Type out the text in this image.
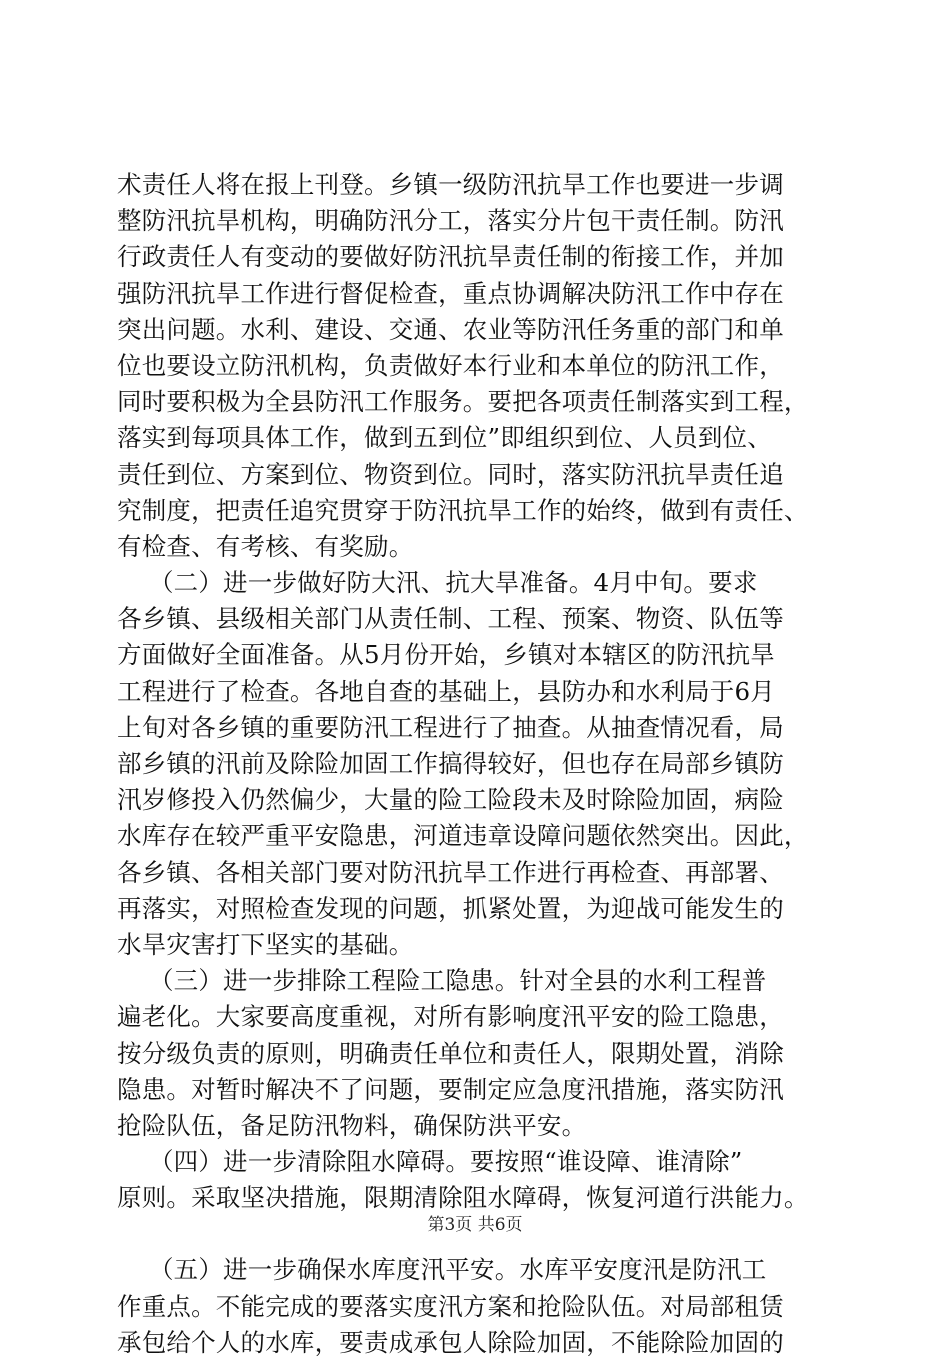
术责任人将在报上刊登。乡镇一级防汛抗旱工作也要进一步调
整防汛抗旱机构，明确防汛分工，落实分片包干责任制。防汛
行政责任人有变动的要做好防汛抗旱责任制的衔接工作，并加
强防汛抗旱工作进行督促检查，重点协调解决防汛工作中存在
突出问题。水利、建设、交通、农业等防汛任务重的部门和单
位也要设立防汛机构，负责做好本行业和本单位的防汛工作，
同时要积极为全县防汛工作服务。要把各项责任制落实到工程，
落实到每项具体工作，做到五到位”即组织到位、人员到位、
责任到位、方案到位、物资到位。同时，落实防汛抗旱责任追
究制度，把责任追究贯穿于防汛抗旱工作的始终，做到有责任、
有检查、有考核、有奖励。
（二）进一步做好防大汛、抗大旱准备。4月中旬。要求
各乡镇、县级相关部门从责任制、工程、预案、物资、队伍等
方面做好全面准备。从5月份开始，乡镇对本辖区的防汛抗旱
工程进行了检查。各地自查的基础上，县防办和水利局于6月
上旬对各乡镇的重要防汛工程进行了抽查。从抽查情况看，局
部乡镇的汛前及除险加固工作搞得较好，但也存在局部乡镇防
汛岁修投入仍然偏少，大量的险工险段未及时除险加固，病险
水库存在较严重平安隐患，河道违章设障问题依然突出。因此，
各乡镇、各相关部门要对防汛抗旱工作进行再检查、再部署、
再落实，对照检查发现的问题，抓紧处置，为迎战可能发生的
水旱灾害打下坚实的基础。
（三）进一步排除工程险工隐患。针对全县的水利工程普
遍老化。大家要高度重视，对所有影响度汛平安的险工隐患，
按分级负责的原则，明确责任单位和责任人，限期处置，消除
隐患。对暂时解决不了问题，要制定应急度汛措施，落实防汛
抢险队伍，备足防汛物料，确保防洪平安。
（四）进一步清除阻水障碍。要按照“谁设障、谁清除”
原则。采取坚决措施，限期清除阻水障碍，恢复河道行洪能力。
（五）进一步确保水库度汛平安。水库平安度汛是防汛工
作重点。不能完成的要落实度汛方案和抢险队伍。对局部租赁
承包给个人的水库，要责成承包人除险加固，不能除险加固的
第3页 共6页
